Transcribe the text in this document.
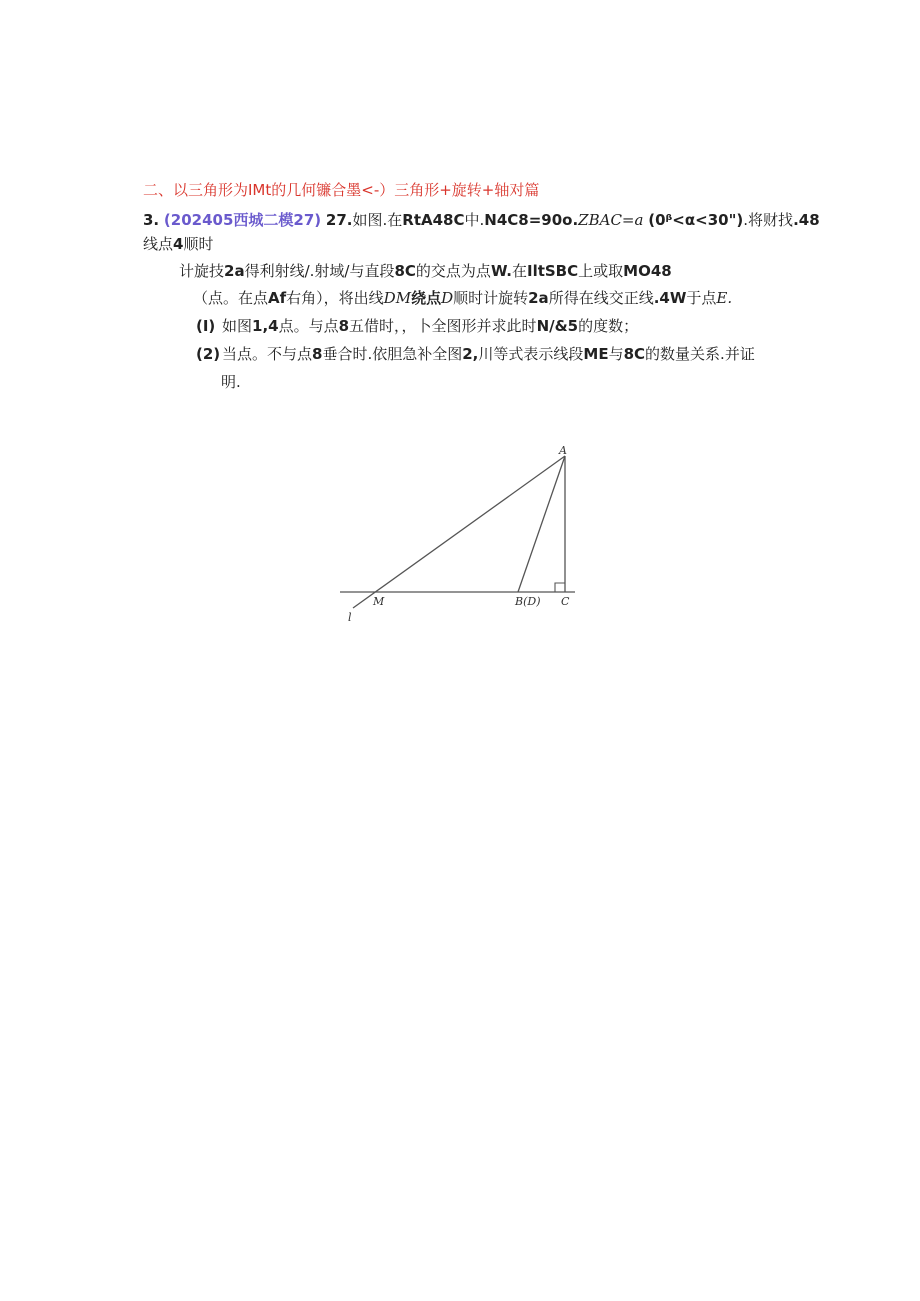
二、以三角形为IMt的几何镰合墨<-）三角形+旋转+轴对篇
3. (202405西城二模27) 27.如图.在RtA48C中.N4C8=90o.ZBAC=a (0ᵝ<α<30").将财找.48
线点4顺时
计旋技2a得利射线/.射域/与直段8C的交点为点W.在IltSBC上或取MO48
（点。在点Af右角），将出线DM绕点D顺时计旋转2a所得在线交正线.4W于点E.
(I) 如图1,4点。与点8五借时，，卜全图形并求此时N/&5的度数；
(2) 当点。不与点8垂合时.依胆急补全图2,川等式表示线段ME与8C的数量关系.并证
明.
A
M	B(D) C
l
